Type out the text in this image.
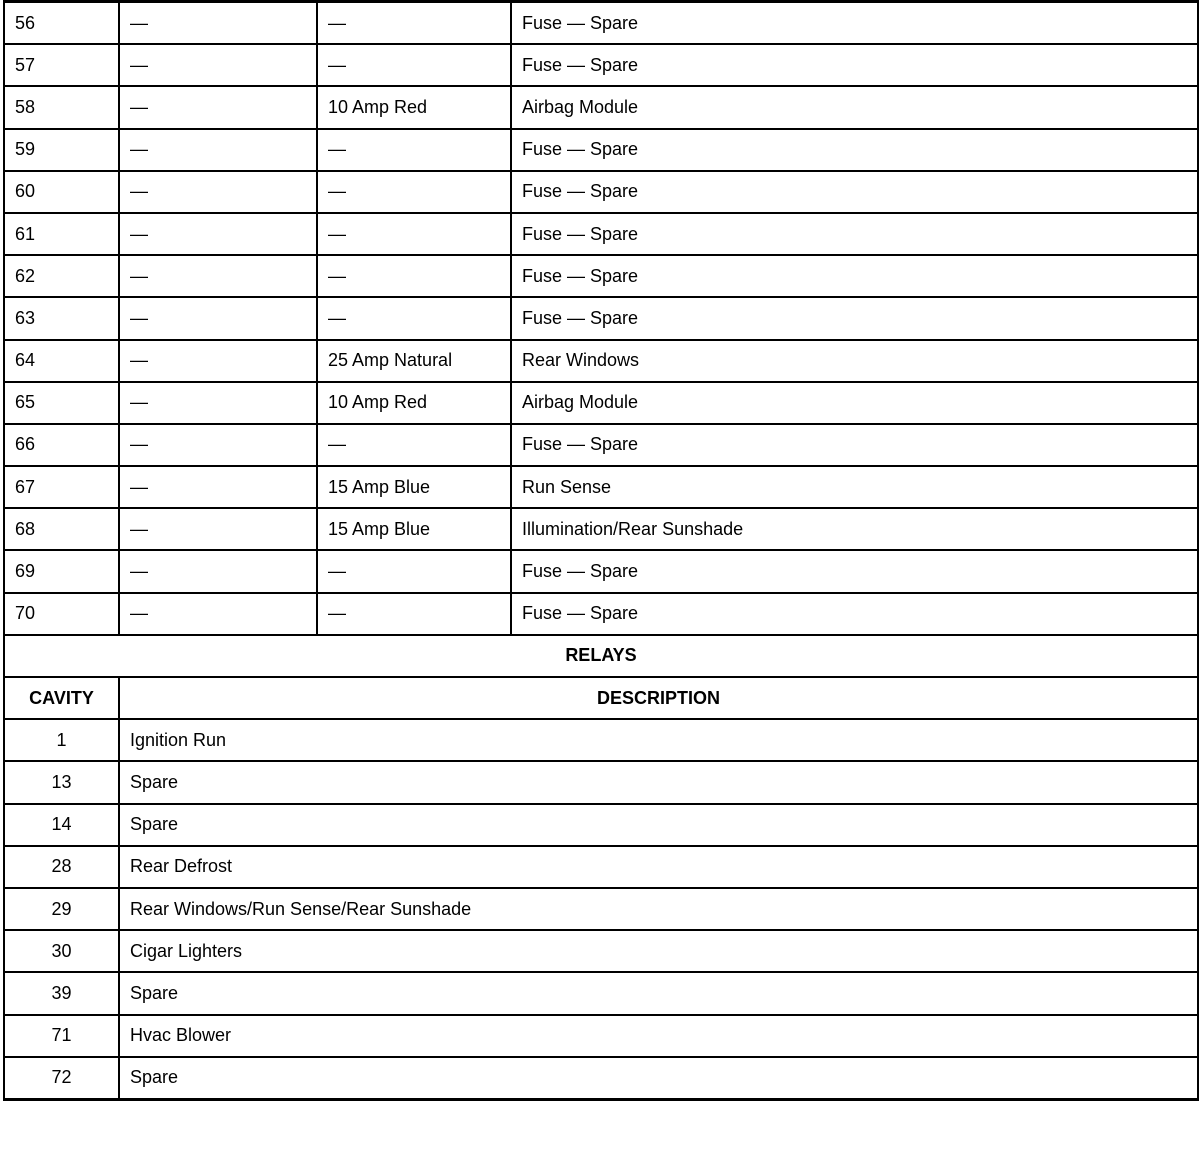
56	—	—	Fuse — Spare
57	—	—	Fuse — Spare
58	—	10 Amp Red	Airbag Module
59	—	—	Fuse — Spare
60	—	—	Fuse — Spare
61	—	—	Fuse — Spare
62	—	—	Fuse — Spare
63	—	—	Fuse — Spare
64	—	25 Amp Natural	Rear Windows
65	—	10 Amp Red	Airbag Module
66	—	—	Fuse — Spare
67	—	15 Amp Blue	Run Sense
68	—	15 Amp Blue	Illumination/Rear Sunshade
69	—	—	Fuse — Spare
70	—	—	Fuse — Spare
RELAYS			
CAVITY	DESCRIPTION		
1	Ignition Run		
13	Spare		
14	Spare		
28	Rear Defrost		
29	Rear Windows/Run Sense/Rear Sunshade		
30	Cigar Lighters		
39	Spare		
71	Hvac Blower		
72	Spare		
